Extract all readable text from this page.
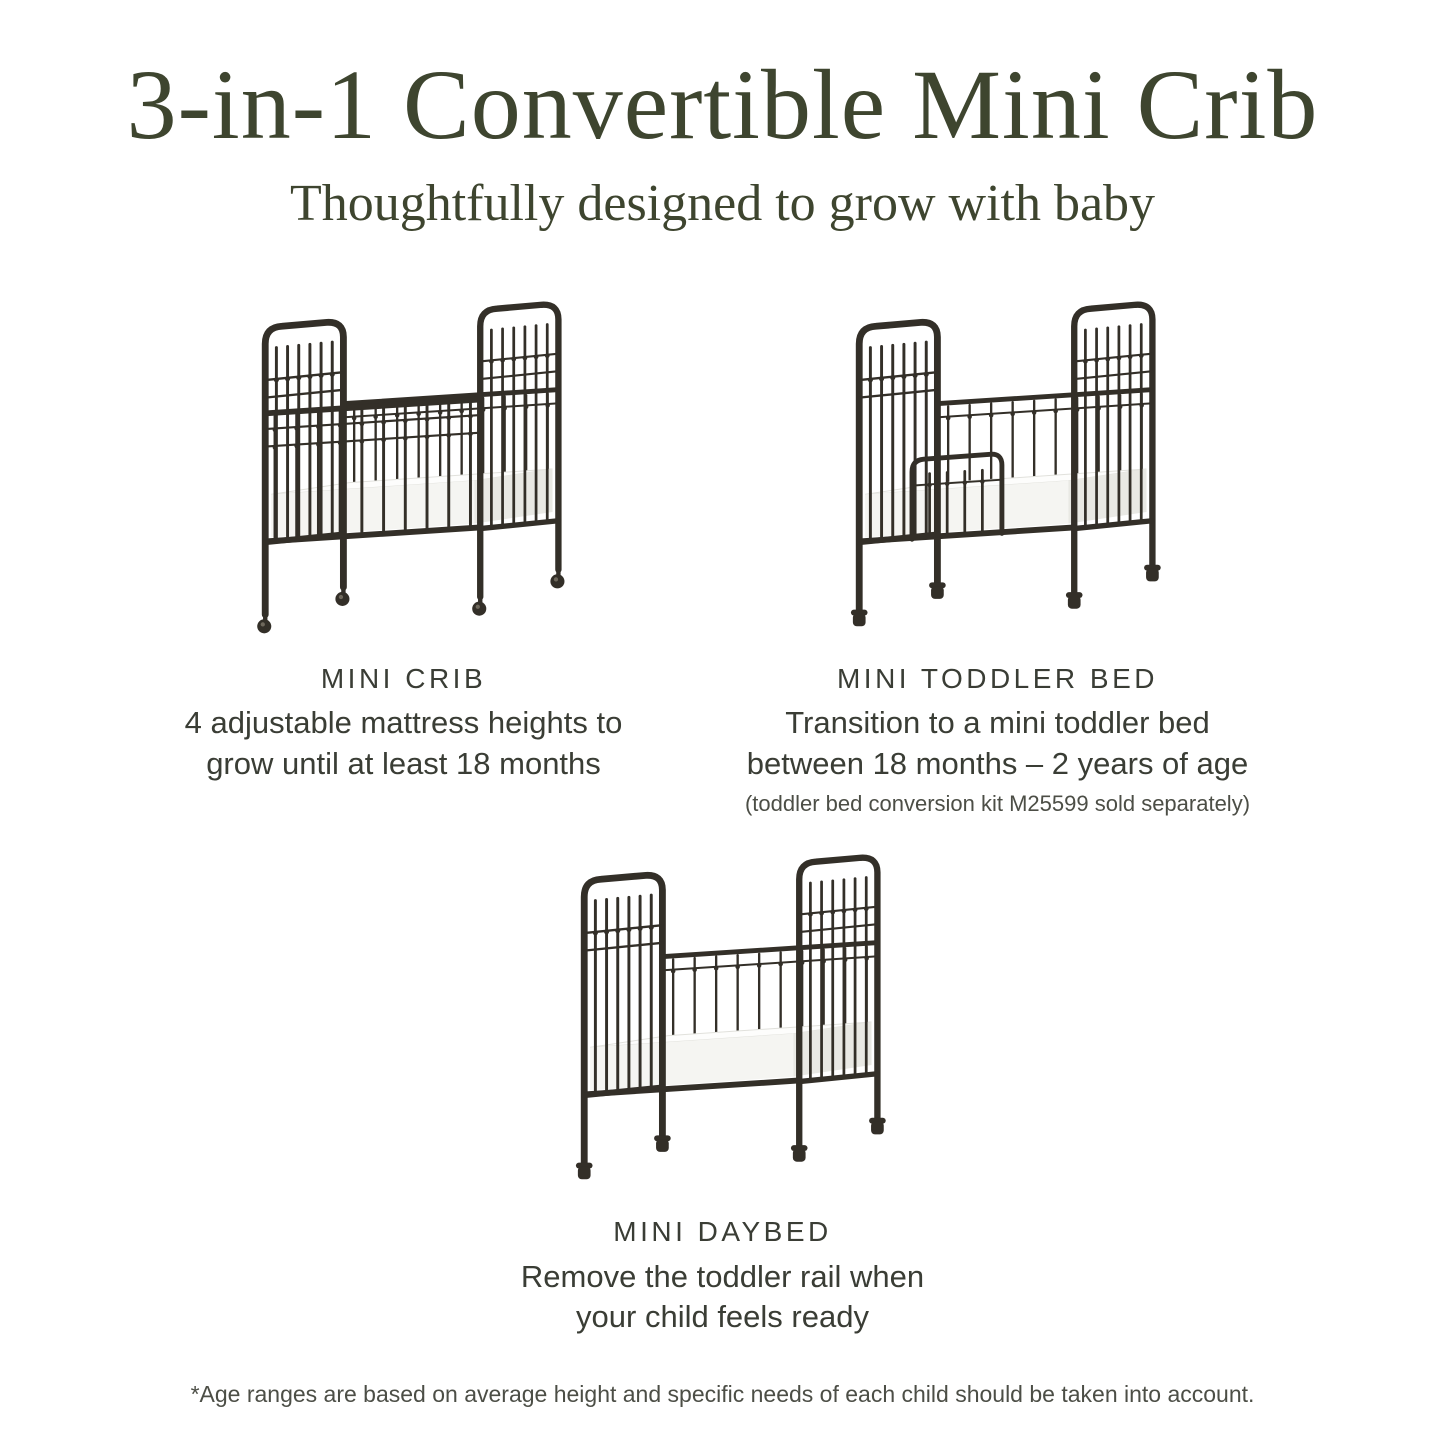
3-in-1 Convertible Mini Crib
Thoughtfully designed to grow with baby
MINI CRIB
4 adjustable mattress heights to
grow until at least 18 months
MINI TODDLER BED
Transition to a mini toddler bed
between 18 months – 2 years of age
(toddler bed conversion kit M25599 sold separately)
MINI DAYBED
Remove the toddler rail when
your child feels ready
*Age ranges are based on average height and specific needs of each child should be taken into account.
